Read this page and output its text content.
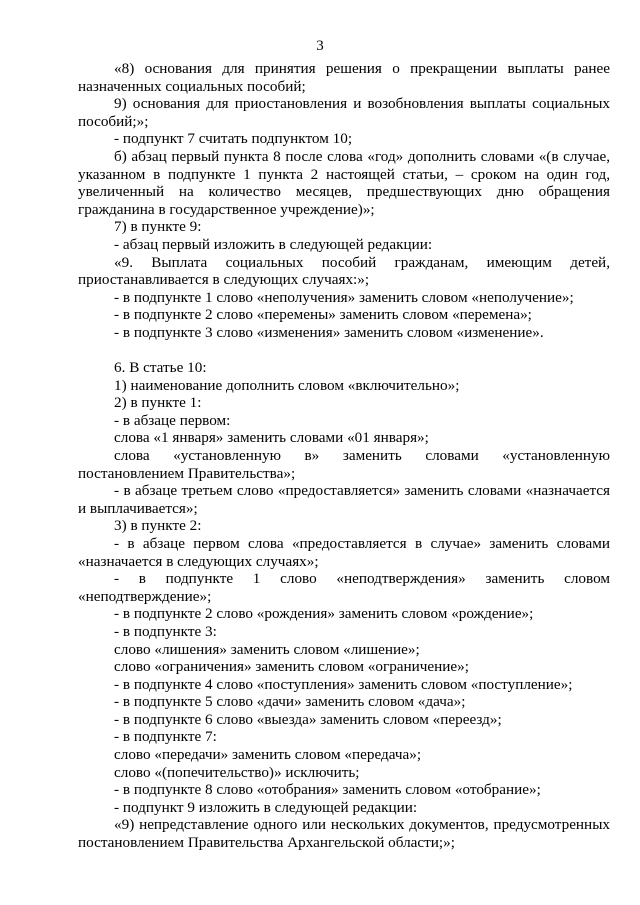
3

«8) основания для принятия решения о прекращении выплаты ранее назначенных социальных пособий;

9) основания для приостановления и возобновления выплаты социальных пособий;»;

- подпункт 7 считать подпунктом 10;

б) абзац первый пункта 8 после слова «год» дополнить словами «(в случае, указанном в подпункте 1 пункта 2 настоящей статьи, – сроком на один год, увеличенный на количество месяцев, предшествующих дню обращения гражданина в государственное учреждение)»;

7) в пункте 9:

- абзац первый изложить в следующей редакции:

«9. Выплата социальных пособий гражданам, имеющим детей, приостанавливается в следующих случаях:»;

- в подпункте 1 слово «неполучения» заменить словом «неполучение»;

- в подпункте 2 слово «перемены» заменить словом «перемена»;

- в подпункте 3 слово «изменения» заменить словом «изменение».

6. В статье 10:

1) наименование дополнить словом «включительно»;

2) в пункте 1:

- в абзаце первом:

слова «1 января» заменить словами «01 января»;

слова «установленную в» заменить словами «установленную постановлением Правительства»;

- в абзаце третьем слово «предоставляется» заменить словами «назначается и выплачивается»;

3) в пункте 2:

- в абзаце первом слова «предоставляется в случае» заменить словами «назначается в следующих случаях»;

- в подпункте 1 слово «неподтверждения» заменить словом «неподтверждение»;

- в подпункте 2 слово «рождения» заменить словом «рождение»;

- в подпункте 3:

слово «лишения» заменить словом «лишение»;

слово «ограничения» заменить словом «ограничение»;

- в подпункте 4 слово «поступления» заменить словом «поступление»;

- в подпункте 5 слово «дачи» заменить словом «дача»;

- в подпункте 6 слово «выезда» заменить словом «переезд»;

- в подпункте 7:

слово «передачи» заменить словом «передача»;

слово «(попечительство)» исключить;

- в подпункте 8 слово «отобрания» заменить словом «отобрание»;

- подпункт 9 изложить в следующей редакции:

«9) непредставление одного или нескольких документов, предусмотренных постановлением Правительства Архангельской области;»;
